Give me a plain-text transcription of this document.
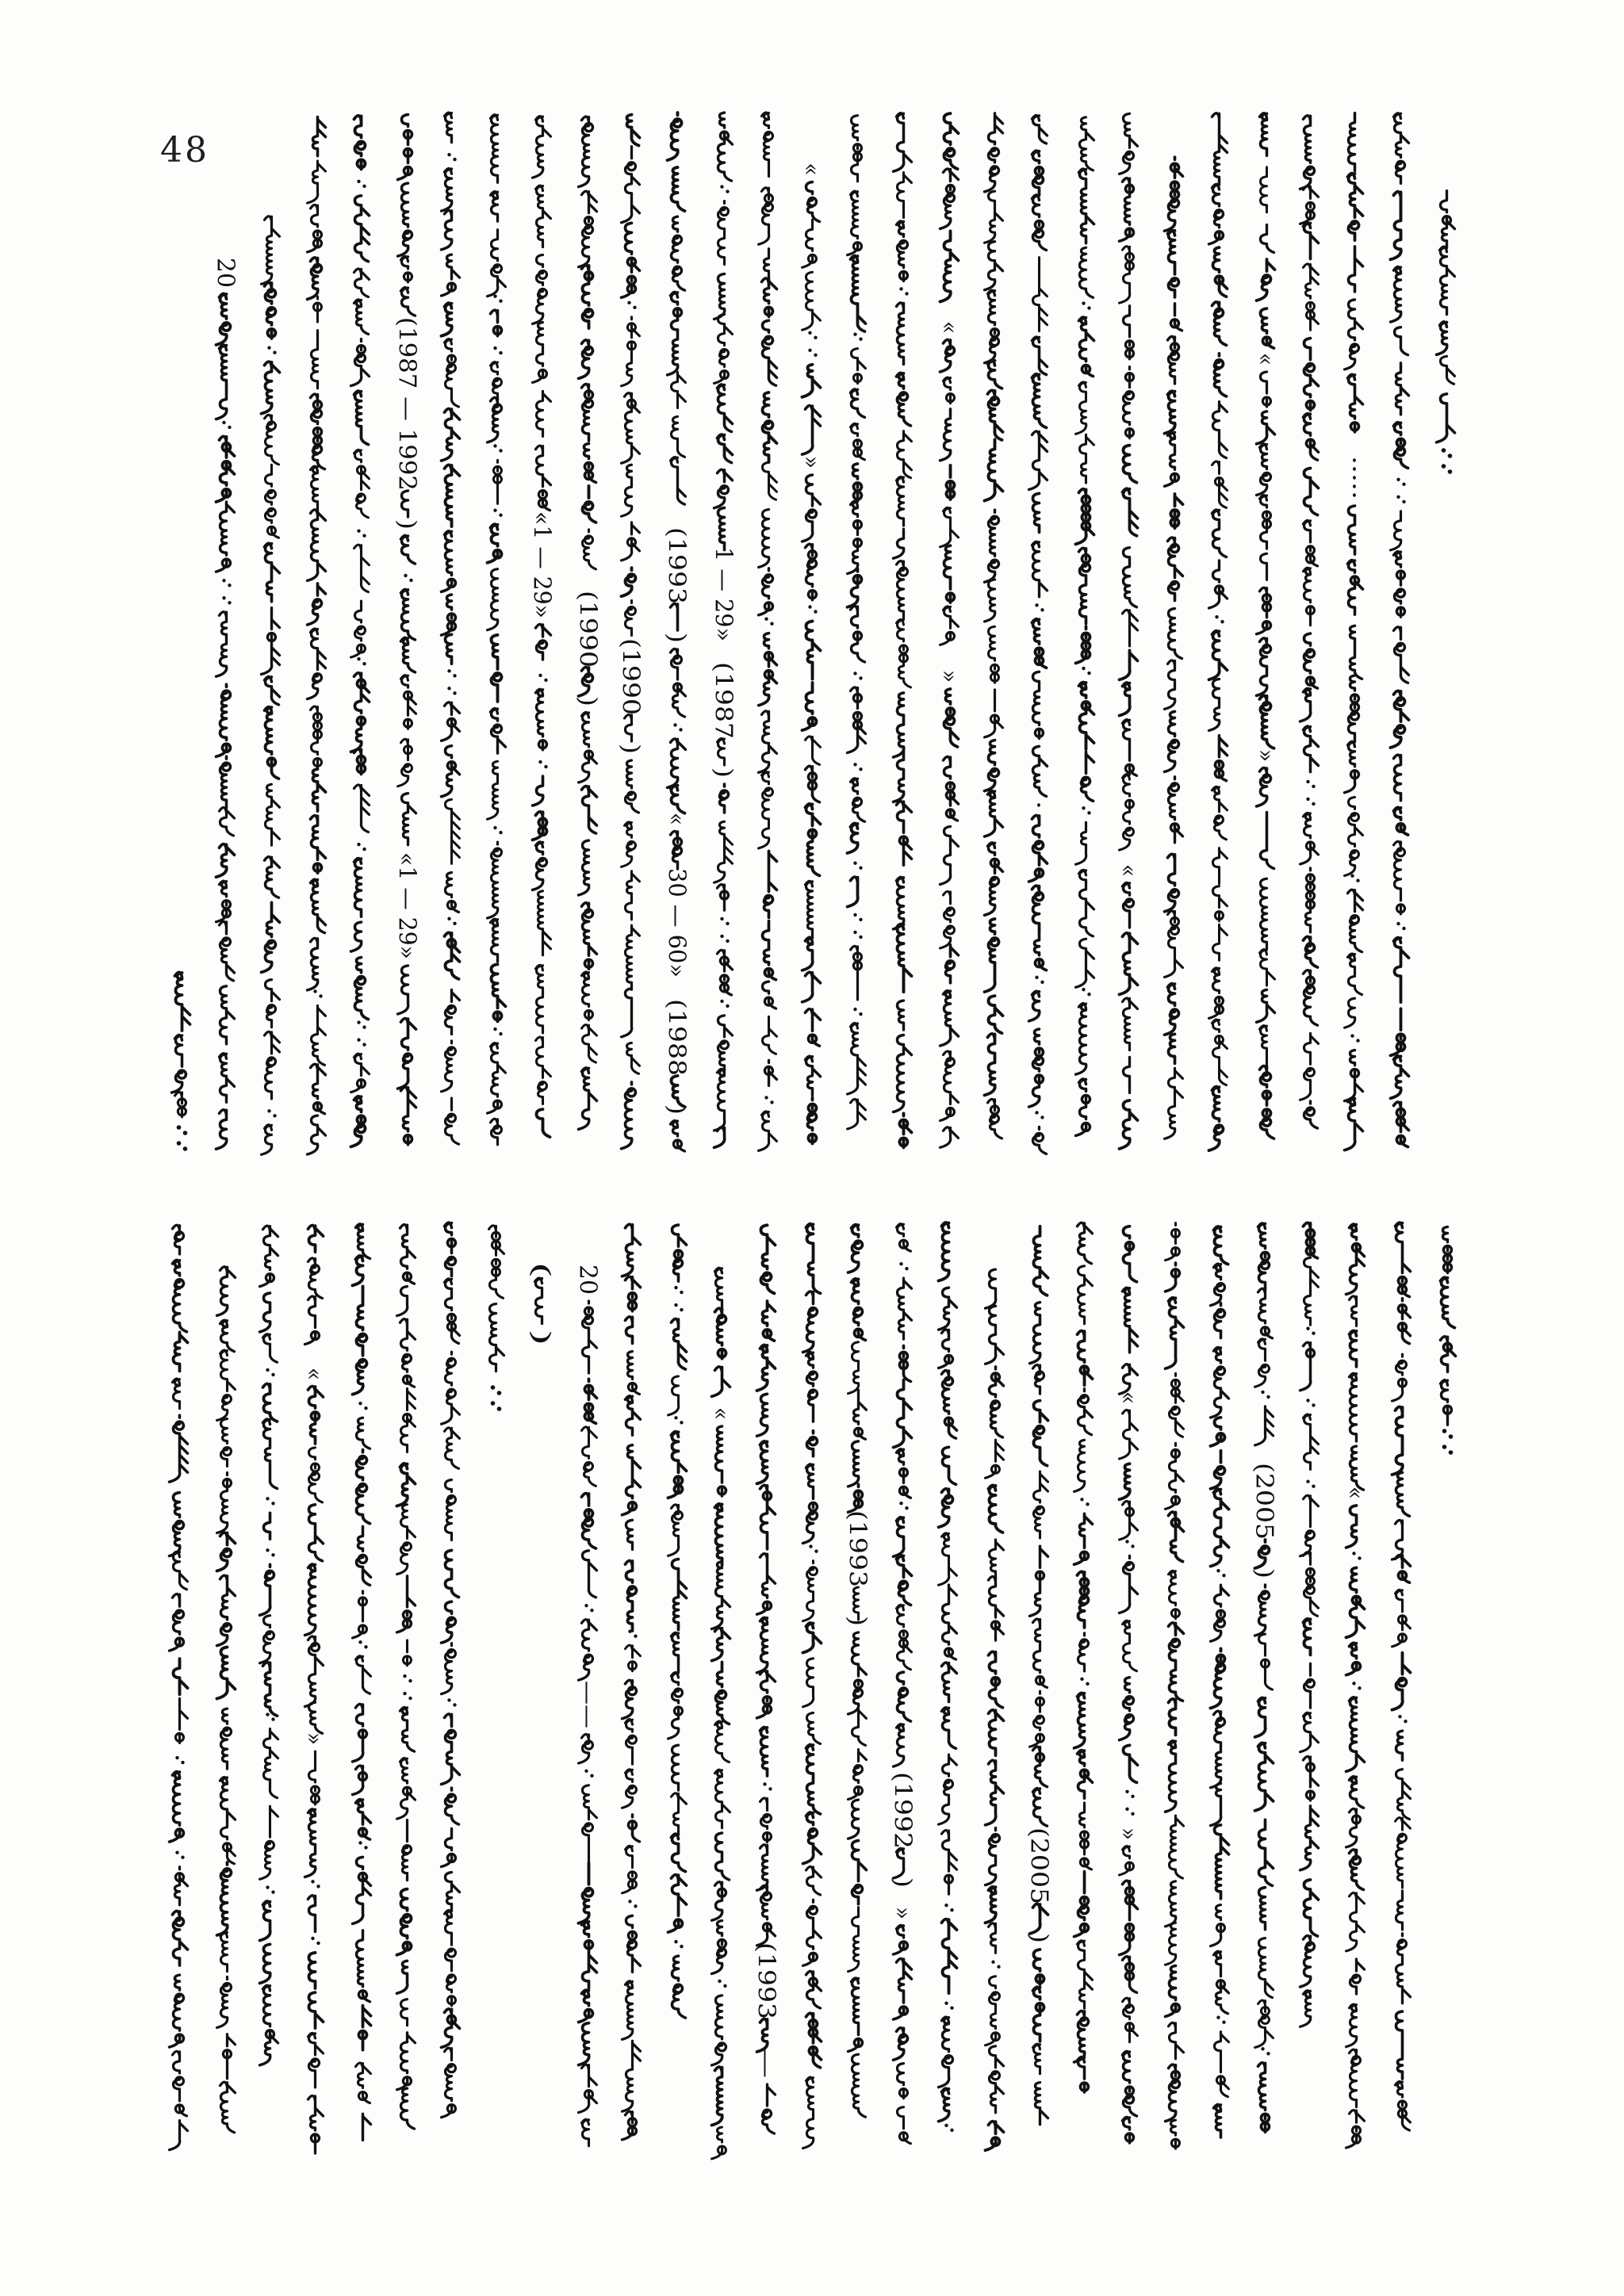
48
20
(1987 — 1992
)
«1 — 29»
«1 — 29»
(1990
) (1990
)
(1993
)
«
30 — 60»
(1988
)
1 — 29»
(1987
)
«
»
«
»
·
«
«
»
·····
«
»
(
)
20
——
«
(1993
—
(1993
)
(1992
)
»
(2005
)
«
»
(2005
)
«
